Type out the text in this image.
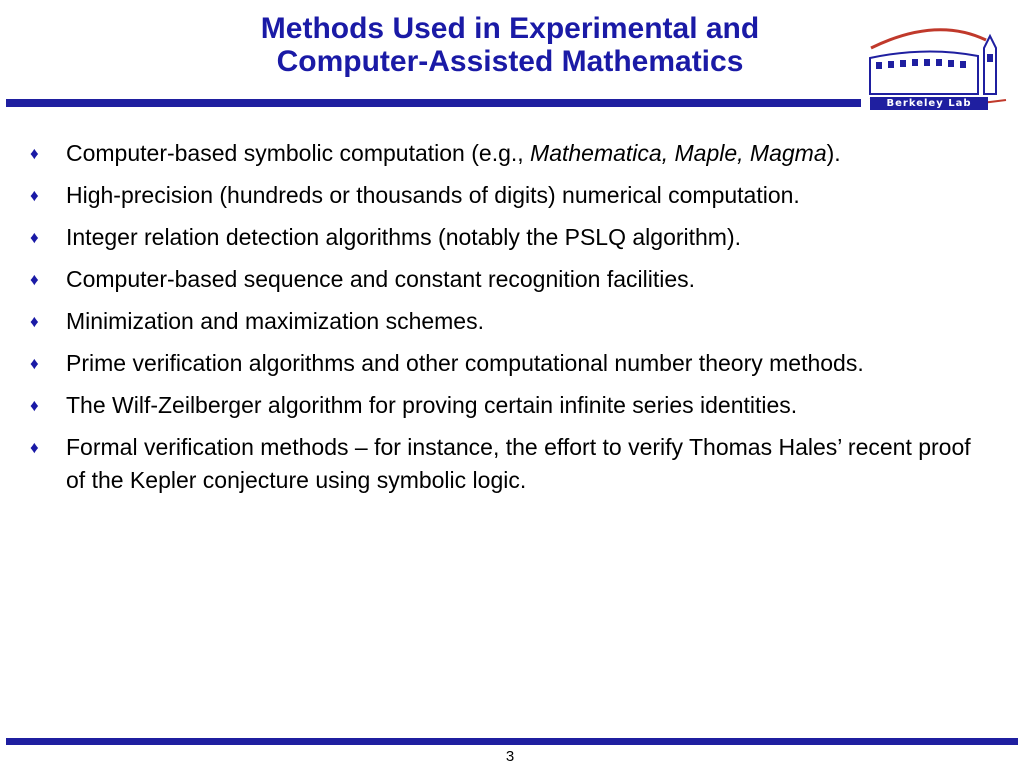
Methods Used in Experimental and
Computer-Assisted Mathematics
Berkeley Lab
♦ Computer-based symbolic computation (e.g., Mathematica, Maple, Magma).
♦ High-precision (hundreds or thousands of digits) numerical computation.
♦ Integer relation detection algorithms (notably the PSLQ algorithm).
♦ Computer-based sequence and constant recognition facilities.
♦ Minimization and maximization schemes.
♦ Prime verification algorithms and other computational number theory methods.
♦ The Wilf-Zeilberger algorithm for proving certain infinite series identities.
♦ Formal verification methods – for instance, the effort to verify Thomas Hales’ recent proof of the Kepler conjecture using symbolic logic.
3
